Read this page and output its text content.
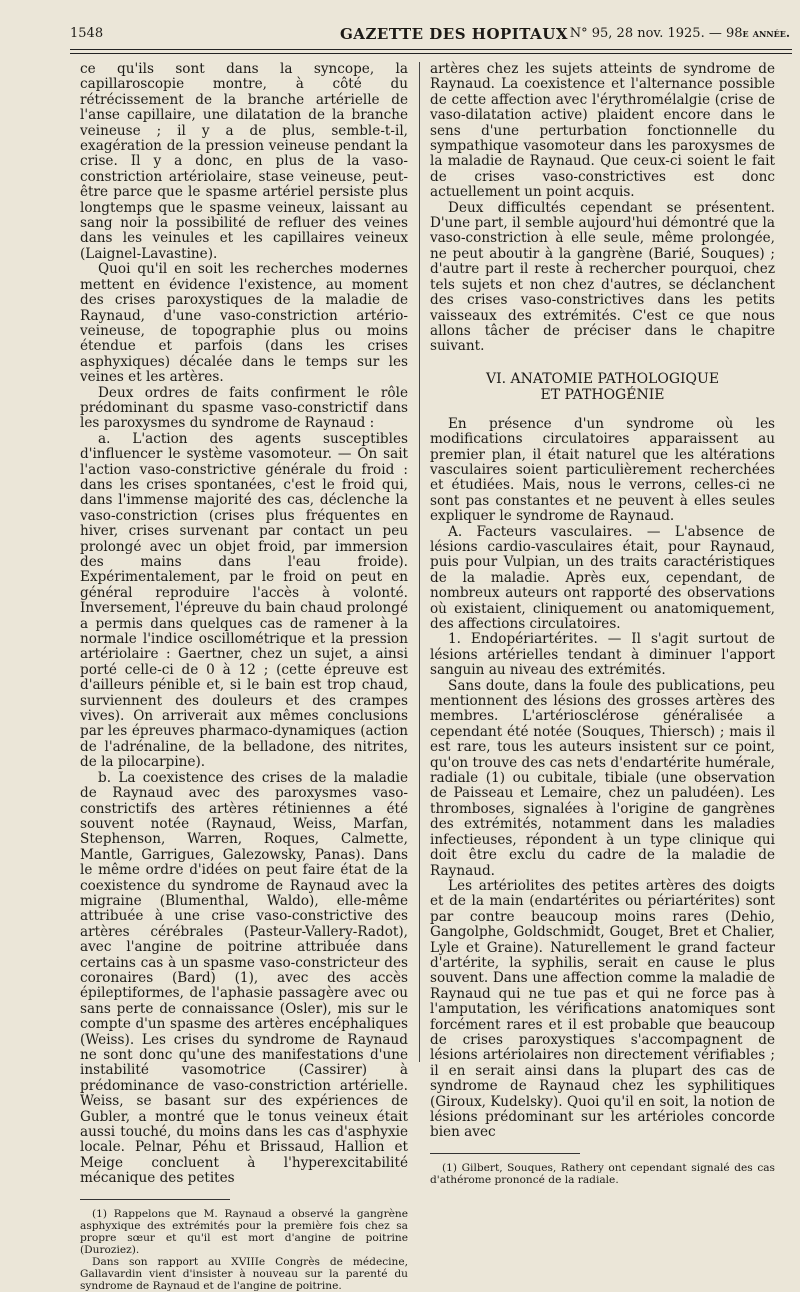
1548	GAZETTE DES HOPITAUX N° 95, 28 nov. 1925. — 98e année.

ce qu'ils sont dans la syncope, la capillaroscopie montre, à côté du rétrécissement de la branche artérielle de l'anse capillaire, une dilatation de la branche veineuse ; il y a de plus, semble-t-il, exagération de la pression veineuse pendant la crise. Il y a donc, en plus de la vaso-constriction artériolaire, stase veineuse, peut-être parce que le spasme artériel persiste plus longtemps que le spasme veineux, laissant au sang noir la possibilité de refluer des veines dans les veinules et les capillaires veineux (Laignel-Lavastine).

Quoi qu'il en soit les recherches modernes mettent en évidence l'existence, au moment des crises paroxystiques de la maladie de Raynaud, d'une vaso-constriction artério-veineuse, de topographie plus ou moins étendue et parfois (dans les crises asphyxiques) décalée dans le temps sur les veines et les artères.

Deux ordres de faits confirment le rôle prédominant du spasme vaso-constrictif dans les paroxysmes du syndrome de Raynaud :

a. L'action des agents susceptibles d'influencer le système vasomoteur. — On sait l'action vaso-constrictive générale du froid : dans les crises spontanées, c'est le froid qui, dans l'immense majorité des cas, déclenche la vaso-constriction (crises plus fréquentes en hiver, crises survenant par contact un peu prolongé avec un objet froid, par immersion des mains dans l'eau froide). Expérimentalement, par le froid on peut en général reproduire l'accès à volonté. Inversement, l'épreuve du bain chaud prolongé a permis dans quelques cas de ramener à la normale l'indice oscillométrique et la pression artériolaire : Gaertner, chez un sujet, a ainsi porté celle-ci de 0 à 12 ; (cette épreuve est d'ailleurs pénible et, si le bain est trop chaud, surviennent des douleurs et des crampes vives). On arriverait aux mêmes conclusions par les épreuves pharmaco-dynamiques (action de l'adrénaline, de la belladone, des nitrites, de la pilocarpine).

b. La coexistence des crises de la maladie de Raynaud avec des paroxysmes vaso-constrictifs des artères rétiniennes a été souvent notée (Raynaud, Weiss, Marfan, Stephenson, Warren, Roques, Calmette, Mantle, Garrigues, Galezowsky, Panas). Dans le même ordre d'idées on peut faire état de la coexistence du syndrome de Raynaud avec la migraine (Blumenthal, Waldo), elle-même attribuée à une crise vaso-constrictive des artères cérébrales (Pasteur-Vallery-Radot), avec l'angine de poitrine attribuée dans certains cas à un spasme vaso-constricteur des coronaires (Bard) (1), avec des accès épileptiformes, de l'aphasie passagère avec ou sans perte de connaissance (Osler), mis sur le compte d'un spasme des artères encéphaliques (Weiss). Les crises du syndrome de Raynaud ne sont donc qu'une des manifestations d'une instabilité vasomotrice (Cassirer) à prédominance de vaso-constriction artérielle. Weiss, se basant sur des expériences de Gubler, a montré que le tonus veineux était aussi touché, du moins dans les cas d'asphyxie locale. Pelnar, Péhu et Brissaud, Hallion et Meige concluent à l'hyperexcitabilité mécanique des petites

(1) Rappelons que M. Raynaud a observé la gangrène asphyxique des extrémités pour la première fois chez sa propre sœur et qu'il est mort d'angine de poitrine (Duroziez).

Dans son rapport au XVIIIe Congrès de médecine, Gallavardin vient d'insister à nouveau sur la parenté du syndrome de Raynaud et de l'angine de poitrine.

artères chez les sujets atteints de syndrome de Raynaud. La coexistence et l'alternance possible de cette affection avec l'érythromélalgie (crise de vaso-dilatation active) plaident encore dans le sens d'une perturbation fonctionnelle du sympathique vasomoteur dans les paroxysmes de la maladie de Raynaud. Que ceux-ci soient le fait de crises vaso-constrictives est donc actuellement un point acquis.

Deux difficultés cependant se présentent. D'une part, il semble aujourd'hui démontré que la vaso-constriction à elle seule, même prolongée, ne peut aboutir à la gangrène (Barié, Souques) ; d'autre part il reste à rechercher pourquoi, chez tels sujets et non chez d'autres, se déclanchent des crises vaso-constrictives dans les petits vaisseaux des extrémités. C'est ce que nous allons tâcher de préciser dans le chapitre suivant.

VI. ANATOMIE PATHOLOGIQUE
ET PATHOGÉNIE

En présence d'un syndrome où les modifications circulatoires apparaissent au premier plan, il était naturel que les altérations vasculaires soient particulièrement recherchées et étudiées. Mais, nous le verrons, celles-ci ne sont pas constantes et ne peuvent à elles seules expliquer le syndrome de Raynaud.

A. Facteurs vasculaires. — L'absence de lésions cardio-vasculaires était, pour Raynaud, puis pour Vulpian, un des traits caractéristiques de la maladie. Après eux, cependant, de nombreux auteurs ont rapporté des observations où existaient, cliniquement ou anatomiquement, des affections circulatoires.

1. Endopériartérites. — Il s'agit surtout de lésions artérielles tendant à diminuer l'apport sanguin au niveau des extrémités.

Sans doute, dans la foule des publications, peu mentionnent des lésions des grosses artères des membres. L'artériosclérose généralisée a cependant été notée (Souques, Thiersch) ; mais il est rare, tous les auteurs insistent sur ce point, qu'on trouve des cas nets d'endartérite humérale, radiale (1) ou cubitale, tibiale (une observation de Paisseau et Lemaire, chez un paludéen). Les thromboses, signalées à l'origine de gangrènes des extrémités, notamment dans les maladies infectieuses, répondent à un type clinique qui doit être exclu du cadre de la maladie de Raynaud.

Les artériolites des petites artères des doigts et de la main (endartérites ou périartérites) sont par contre beaucoup moins rares (Dehio, Gangolphe, Goldschmidt, Gouget, Bret et Chalier, Lyle et Graine). Naturellement le grand facteur d'artérite, la syphilis, serait en cause le plus souvent. Dans une affection comme la maladie de Raynaud qui ne tue pas et qui ne force pas à l'amputation, les vérifications anatomiques sont forcément rares et il est probable que beaucoup de crises paroxystiques s'accompagnent de lésions artériolaires non directement vérifiables ; il en serait ainsi dans la plupart des cas de syndrome de Raynaud chez les syphilitiques (Giroux, Kudelsky). Quoi qu'il en soit, la notion de lésions prédominant sur les artérioles concorde bien avec

(1) Gilbert, Souques, Rathery ont cependant signalé des cas d'athérome prononcé de la radiale.
